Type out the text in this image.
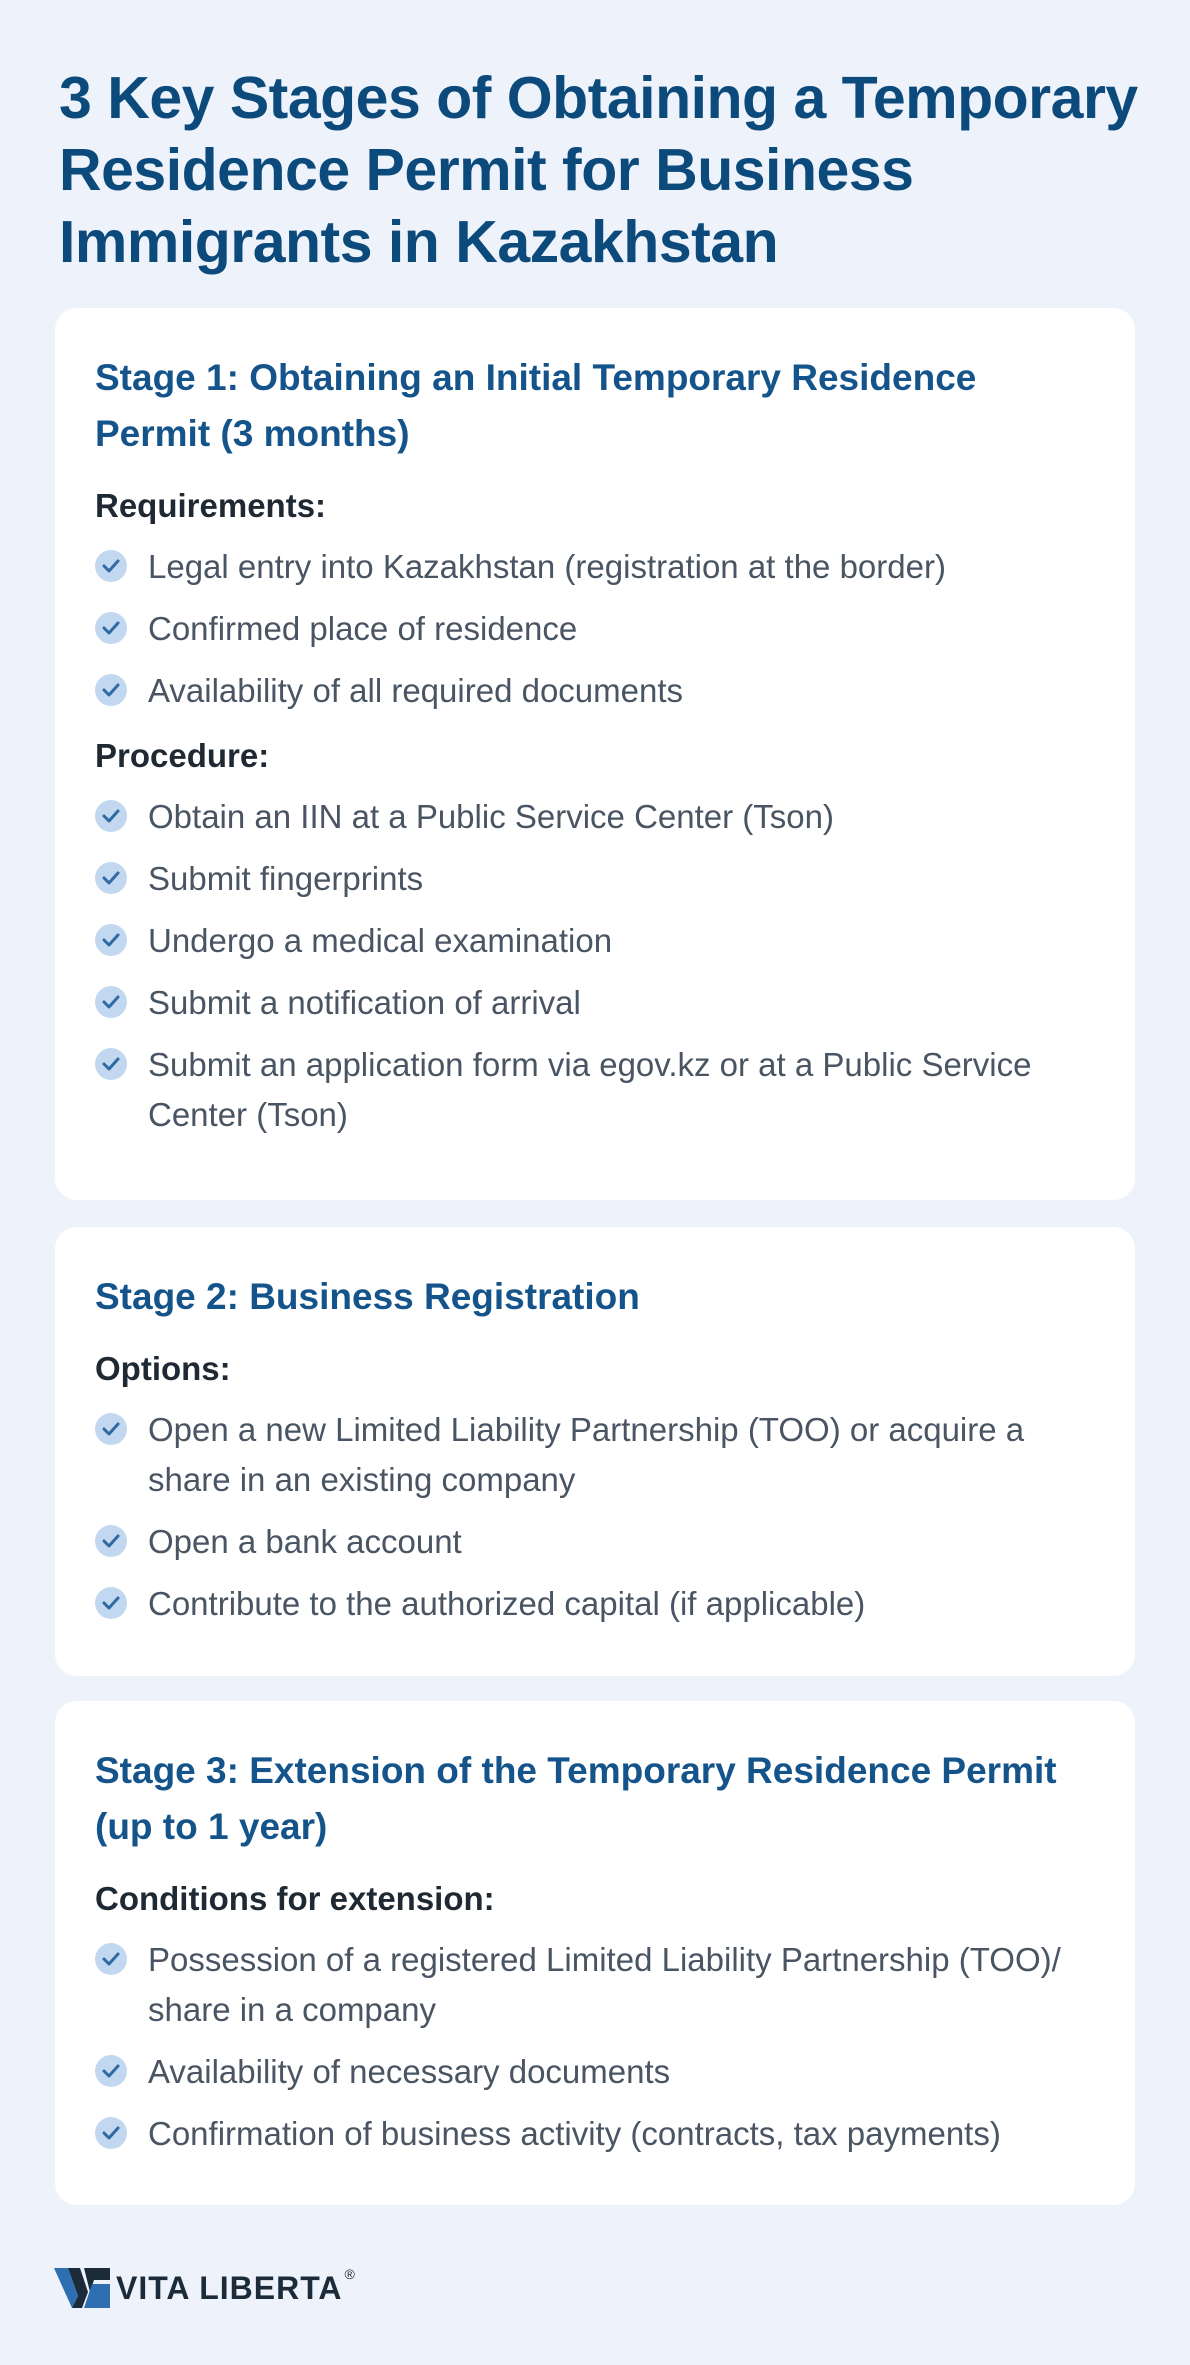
3 Key Stages of Obtaining a Temporary Residence Permit for Business Immigrants in Kazakhstan
Stage 1: Obtaining an Initial Temporary Residence Permit (3 months)

Requirements:

Legal entry into Kazakhstan (registration at the border)
Confirmed place of residence
Availability of all required documents

Procedure:

Obtain an IIN at a Public Service Center (Tson)
Submit fingerprints
Undergo a medical examination
Submit a notification of arrival
Submit an application form via egov.kz or at a Public Service Center (Tson)
Stage 2: Business Registration

Options:

Open a new Limited Liability Partnership (TOO) or acquire a share in an existing company
Open a bank account
Contribute to the authorized capital (if applicable)
Stage 3: Extension of the Temporary Residence Permit (up to 1 year)

Conditions for extension:

Possession of a registered Limited Liability Partnership (TOO)/ share in a company
Availability of necessary documents
Confirmation of business activity (contracts, tax payments)
VITA LIBERTA ®
